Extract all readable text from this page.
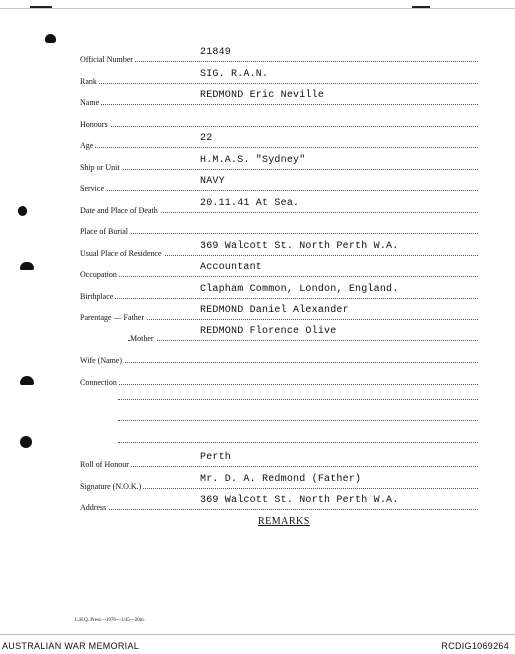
Official Number
21849
Rank
SIG. R.A.N.
Name
REDMOND Eric Neville
Honours
Age
22
Ship or Unit
H.M.A.S. "Sydney"
Service
NAVY
Date and Place of Death
20.11.41 At Sea.
Place of Burial
Usual Place of Residence
369 Walcott St. North Perth W.A.
Occupation
Accountant
Birthplace
Clapham Common, London, England.
Parentage — Father
REDMOND Daniel Alexander
Mother
REDMOND Florence Olive
Wife (Name)
Connection
Roll of Honour
Perth
Signature (N.O.K.)
Mr. D. A. Redmond (Father)
Address
369 Walcott St. North Perth W.A.
REMARKS
L.H.Q. Press—1976—1/45—20m.
AUSTRALIAN WAR MEMORIAL	RCDIG1069264
